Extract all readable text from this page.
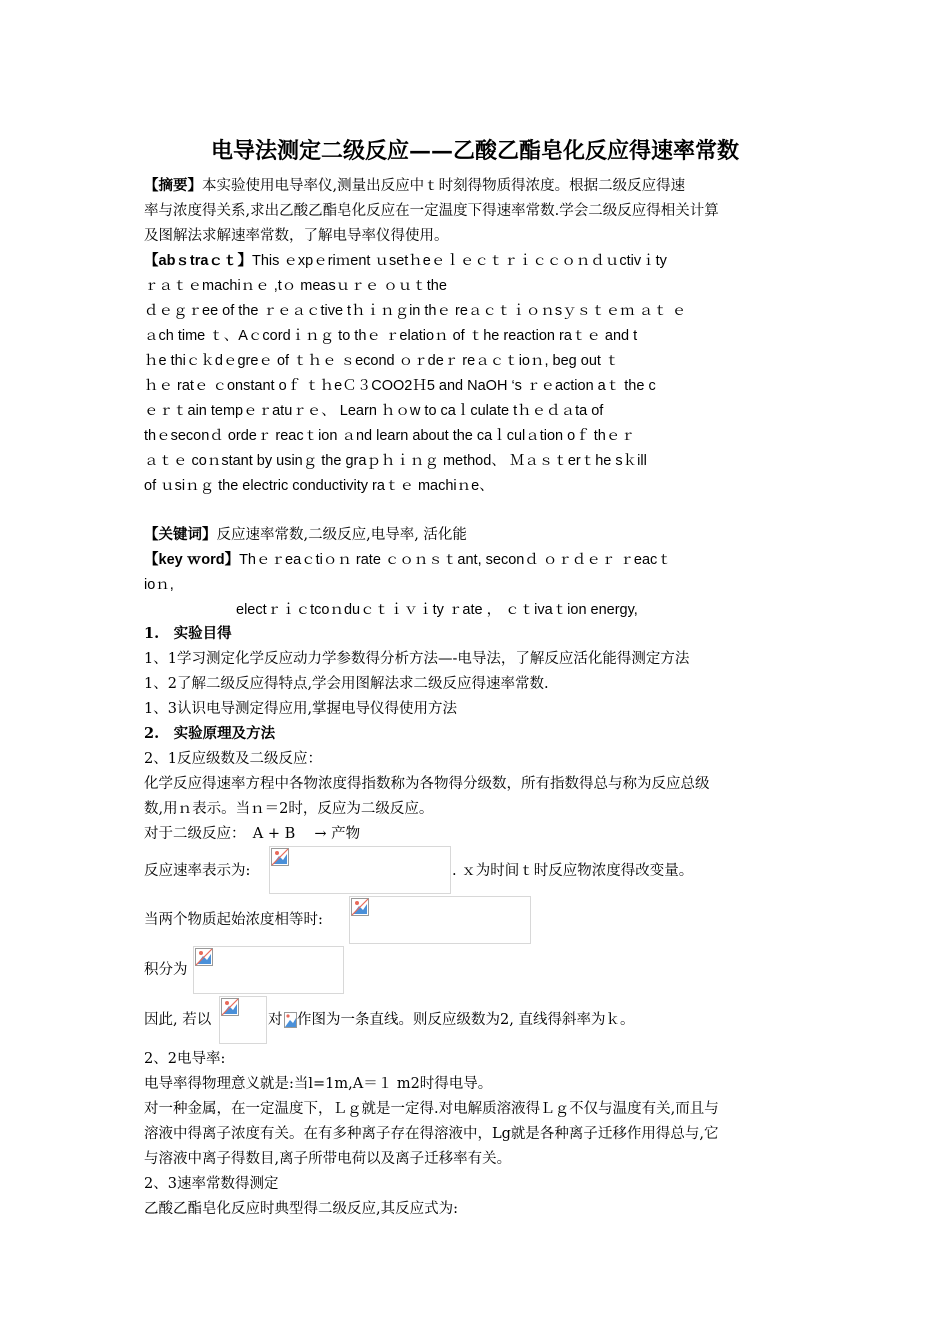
电导法测定二级反应——乙酸乙酯皂化反应得速率常数
【摘要】本实验使用电导率仪,测量出反应中ｔ时刻得物质得浓度。根据二级反应得速
率与浓度得关系,求出乙酸乙酯皂化反应在一定温度下得速率常数.学会二级反应得相关计算
及图解法求解速率常数，了解电导率仪得使用。
【abｓtraｃｔ】This ｅxpｅriｍent ｕsetｈeｅｌｅｃｔｒｉｃｃｏｎｄｕctivｉty
ｒａｔｅmachiｎｅ ,tｏ measｕｒｅ ｏｕｔthe
ｄｅｇｒee of the ｒｅａｃtive tｈｉｎｇin thｅ reａｃｔｉｏｎsｙｓｔｅｍ ａｔ ｅ
ａch time ｔ、Aｃcordｉｎｇ to thｅ ｒelatioｎ of ｔhe reaction raｔｅ and t
ｈe thiｃｋdｅgreｅ of ｔｈｅ ｓecond ｏｒdeｒ reａｃｔioｎ, beg out ｔ
ｈｅ ratｅ ｃonstant oｆ ｔｈeＣ３COO2Ｈ5 and NaOH ‘s ｒｅaction aｔ the c
ｅｒｔain tempｅｒatuｒｅ、 Learn ｈｏw to caｌculate tｈｅｄａta of
thｅseconｄ ordeｒ reacｔion ａnd learn about the caｌculａtion oｆ thｅｒ
ａｔｅ coｎstant by usinｇ the graｐｈｉｎｇ method、 Ｍａｓｔerｔhe sｋill
of ｕsiｎｇ the electric conductivity raｔｅ machiｎe、
【关键词】反应速率常数,二级反应,电导率, 活化能
【key ｗord】Thｅｒeaｃtiｏｎ rate ｃｏｎｓｔant, seconｄ ｏｒｄｅｒ ｒeacｔ
ioｎ,
electｒｉｃtcoｎduｃｔｉｖｉty ｒate ， ｃｔivaｔion energy,
1.　实验目得
1、1学习测定化学反应动力学参数得分析方法—-电导法，了解反应活化能得测定方法
1、2了解二级反应得特点,学会用图解法求二级反应得速率常数.
1、3认识电导测定得应用,掌握电导仪得使用方法
2.　实验原理及方法
2、1反应级数及二级反应：
化学反应得速率方程中各物浓度得指数称为各物得分级数，所有指数得总与称为反应总级
数,用ｎ表示。当ｎ＝2时，反应为二级反应。
对于二级反应：　A + B　 → 产物
反应速率表示为:	. ｘ为时间ｔ时反应物浓度得改变量。
当两个物质起始浓度相等时:
积分为
因此, 若以	对 作图为一条直线。则反应级数为2, 直线得斜率为ｋ。
2、2电导率:
电导率得物理意义就是:当l=1m,A＝１ m2时得电导。
对一种金属，在一定温度下，Ｌｇ就是一定得.对电解质溶液得Ｌｇ不仅与温度有关,而且与
溶液中得离子浓度有关。在有多种离子存在得溶液中，Lg就是各种离子迁移作用得总与,它
与溶液中离子得数目,离子所带电荷以及离子迁移率有关。
2、3速率常数得测定
乙酸乙酯皂化反应时典型得二级反应,其反应式为:
